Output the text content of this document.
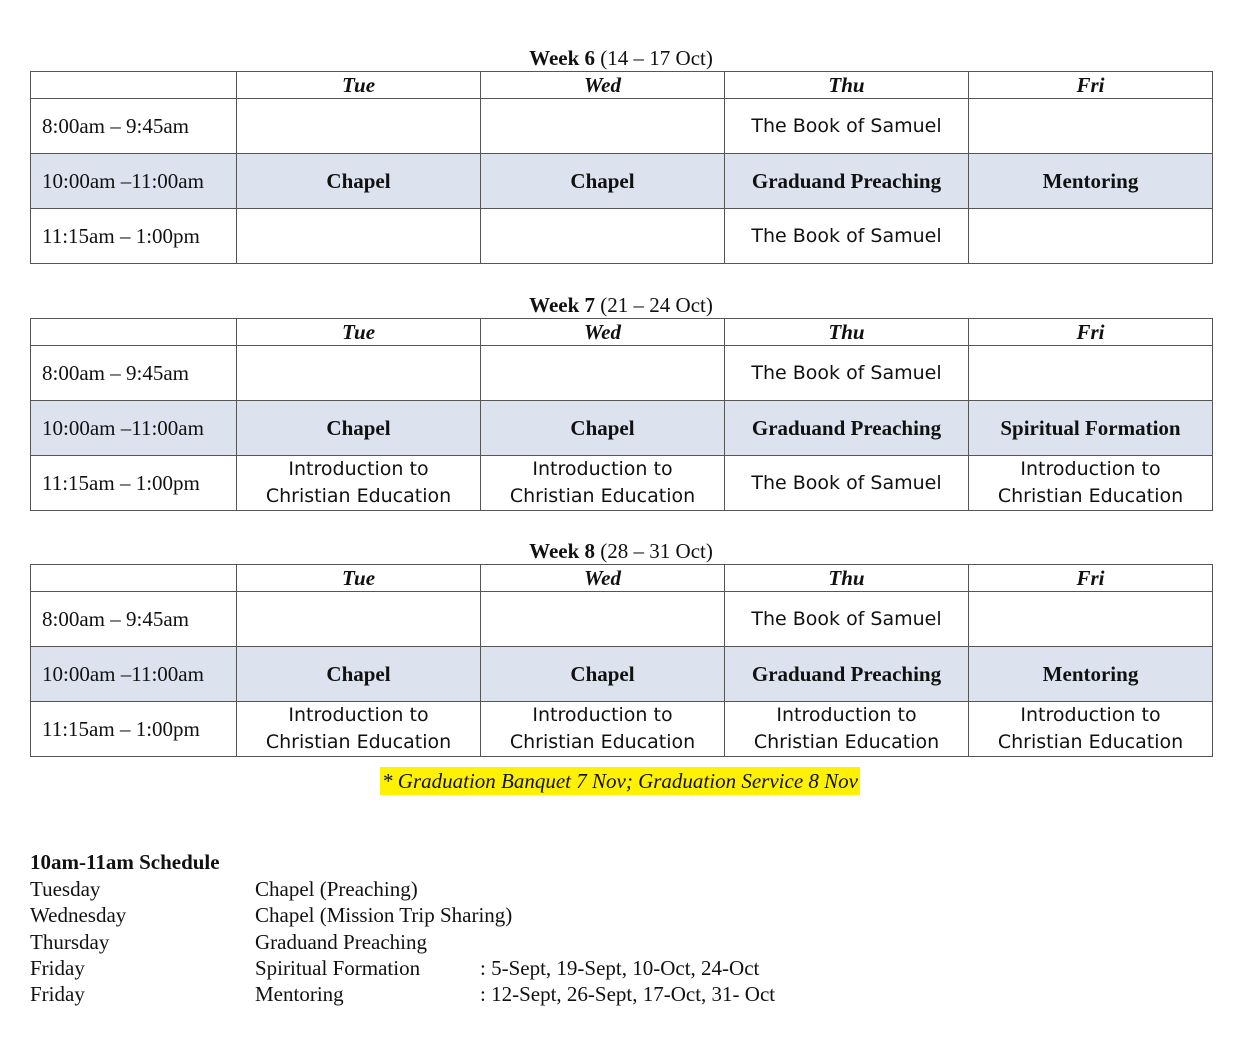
Week 6 (14 – 17 Oct)
	Tue	Wed	Thu	Fri
8:00am – 9:45am			The Book of Samuel	
10:00am –11:00am	Chapel	Chapel	Graduand Preaching	Mentoring
11:15am – 1:00pm			The Book of Samuel	
Week 7 (21 – 24 Oct)
	Tue	Wed	Thu	Fri
8:00am – 9:45am			The Book of Samuel	
10:00am –11:00am	Chapel	Chapel	Graduand Preaching	Spiritual Formation
11:15am – 1:00pm	Introduction to
Christian Education	Introduction to
Christian Education	The Book of Samuel	Introduction to
Christian Education
Week 8 (28 – 31 Oct)
	Tue	Wed	Thu	Fri
8:00am – 9:45am			The Book of Samuel	
10:00am –11:00am	Chapel	Chapel	Graduand Preaching	Mentoring
11:15am – 1:00pm	Introduction to
Christian Education	Introduction to
Christian Education	Introduction to
Christian Education	Introduction to
Christian Education
* Graduation Banquet 7 Nov; Graduation Service 8 Nov
10am-11am Schedule
Tuesday	Chapel (Preaching)
Wednesday	Chapel (Mission Trip Sharing)
Thursday	Graduand Preaching
Friday	Spiritual Formation	: 5-Sept, 19-Sept, 10-Oct, 24-Oct
Friday	Mentoring	: 12-Sept, 26-Sept, 17-Oct, 31- Oct
